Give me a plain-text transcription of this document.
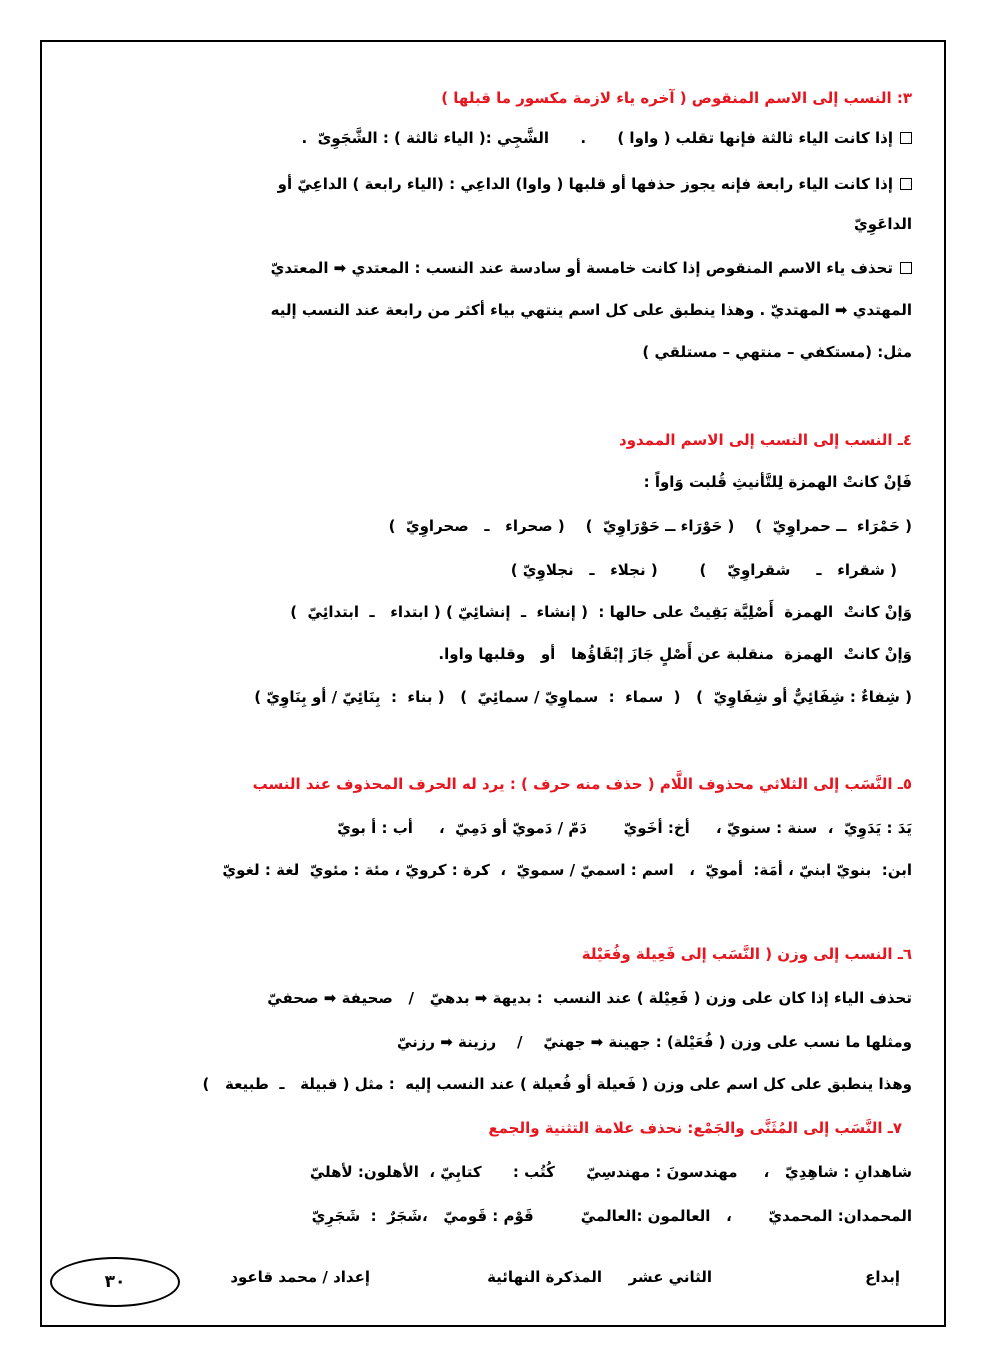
٣: النسب إلى الاسم المنقوص ( آخره ياء لازمة مكسور ما قبلها )
إذا كانت الياء ثالثة فإنها تقلب ( واوا )      .      الشَّجِي :( الياء ثالثة ) : الشَّجَوِىّ  .
إذا كانت الياء رابعة فإنه يجوز حذفها أو قلبها ( واوا) الداعِي : (الياء رابعة ) الداعِيّ أو
الداعَوِيّ
تحذف ياء الاسم المنقوص إذا كانت خامسة أو سادسة عند النسب : المعتدي ➡ المعتديّ
المهتدي ➡ المهتديّ . وهذا ينطبق على كل اسم ينتهي بياء أكثر من رابعة عند النسب إليه
مثل: (مستكفي – منتهي – مستلقي )
٤ـ النسب إلى النسب إلى الاسم الممدود
فَإنْ كانتْ الهمزة لِلتَّأنيثِ قُلبت وَاواً :
( حَمْرَاء  ــ حمراوِيّ  )    ( حَوْرَاء ــ حَوْرَاوِيّ  )    ( صحراء   ـ   صحراوِيّ  )
( شقراء   ـ     شقراوِيّ    )        ( نجلاء   ـ   نجلاوِيّ )
وَإنْ كانتْ  الهمزة  أَصْلِيَّة بَقِيتْ على حالها :  ( إنشاء  ـ  إنشائِيّ ) ( ابتداء   ـ  ابتدائِيّ  )
وَإنْ كانتْ  الهمزة  منقلبة عن أَصْلٍ جَازَ إبْقَاؤُها   أو   وقلبها واوا.
( شِفاءٌ : شِفَائِيٌّ أو شِفَاوِيّ  )   (  سماء  :  سماوِيّ / سمائِيّ  )   ( بناء  :  بِنَائِيّ / أو بِنَاوِيّ )
٥ـ النَّسَب إلى الثلاثي محذوف اللَّام ( حذف منه حرف ) : يرد له الحرف المحذوف عند النسب
يَدَ : يَدَوِيّ  ،  سنة : سنويّ ،     أخ: أخَويّ       دَمّ / دَمويّ أو دَمِيّ  ،     أب : أ بويّ
ابن:  بنويّ ابنيّ ، أمَة:  أمويّ  ،   اسم : اسميّ / سمويّ  ،  كرة : كرويّ ، مئة : مئويّ  لغة : لغويّ
٦ـ النسب إلى وزن ( النَّسَب إلى فَعِيلة وفُعَيْلة
تحذف الياء إذا كان على وزن ( فَعِيْلة ) عند النسب  : بديهة ➡ بدهيّ   /   صحيفة ➡ صحفيّ
ومثلها ما نسب على وزن ( فُعَيْلة) : جهينة ➡ جهنيّ    /    رزينة ➡ رزنيّ
وهذا ينطبق على كل اسم على وزن ( فَعيلة أو فُعيلة ) عند النسب إليه  : مثل ( قبيلة   ـ  طبيعة   )
٧ـ النَّسَب إلى المُثَنَّى والجَمْع: نحذف علامة التثنية والجمع
شاهدانِ : شاهِدِيّ   ،     مهندسونَ : مهندسِيّ      كُتُب :      كتابِيّ ،  الأهلون: لأهليّ
المحمدان: المحمديّ       ،   العالمون :العالميّ         قَوْم : قَوميّ   ،شَجَرٌ  :  شَجَرِيّ
إبداع
الثاني عشر
المذكرة النهائية
إعداد / محمد قاعود
٣٠
